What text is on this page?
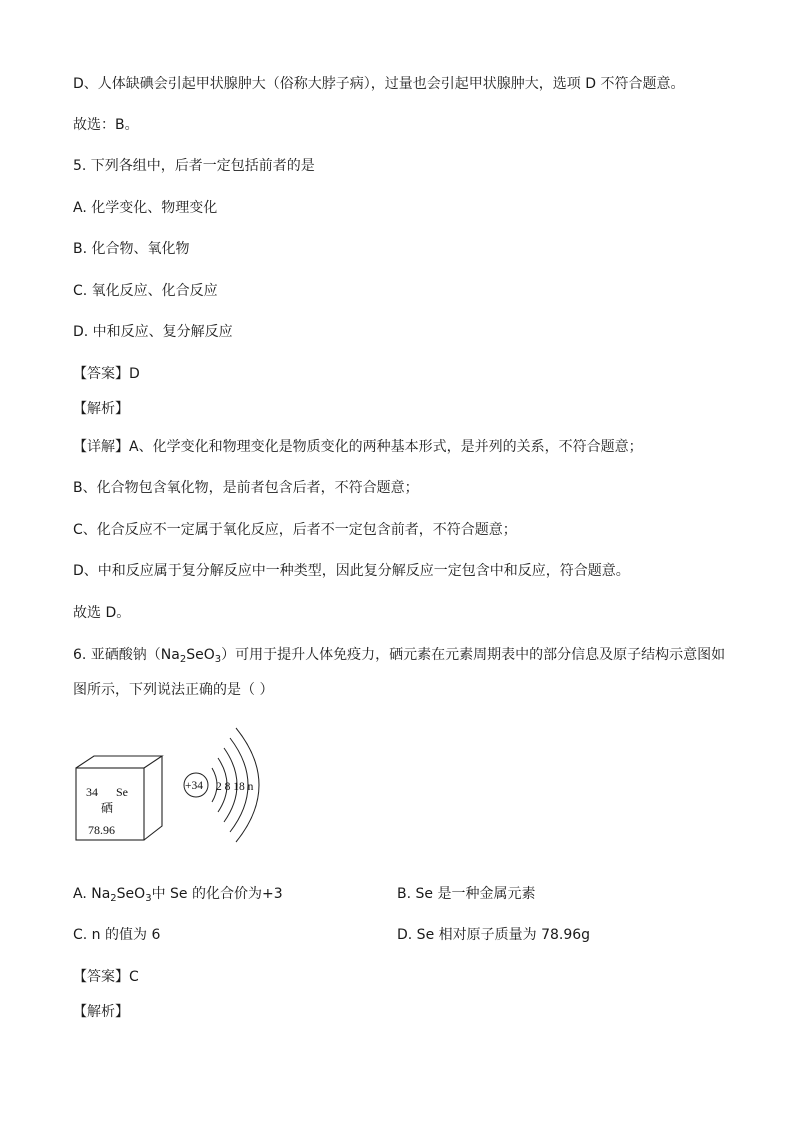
D、人体缺碘会引起甲状腺肿大（俗称大脖子病），过量也会引起甲状腺肿大，选项 D 不符合题意。
故选：B。
5. 下列各组中，后者一定包括前者的是
A. 化学变化、物理变化
B. 化合物、氧化物
C. 氧化反应、化合反应
D. 中和反应、复分解反应
【答案】D
【解析】
【详解】A、化学变化和物理变化是物质变化的两种基本形式，是并列的关系，不符合题意；
B、化合物包含氧化物，是前者包含后者，不符合题意；
C、化合反应不一定属于氧化反应，后者不一定包含前者，不符合题意；
D、中和反应属于复分解反应中一种类型，因此复分解反应一定包含中和反应，符合题意。
故选 D。
6. 亚硒酸钠$(Na_2SeO_3)$可用于提升人体免疫力，硒元素在元素周期表中的部分信息及原子结构示意图如
图所示，下列说法正确的是（ ）
34 Se
硒
78.96
+34 2 8 18 n
A. $Na_2SeO_3$中 Se 的化合价为+3	B. Se 是一种金属元素
C. n 的值为 6	D. Se 相对原子质量为 78.96g
【答案】C
【解析】
